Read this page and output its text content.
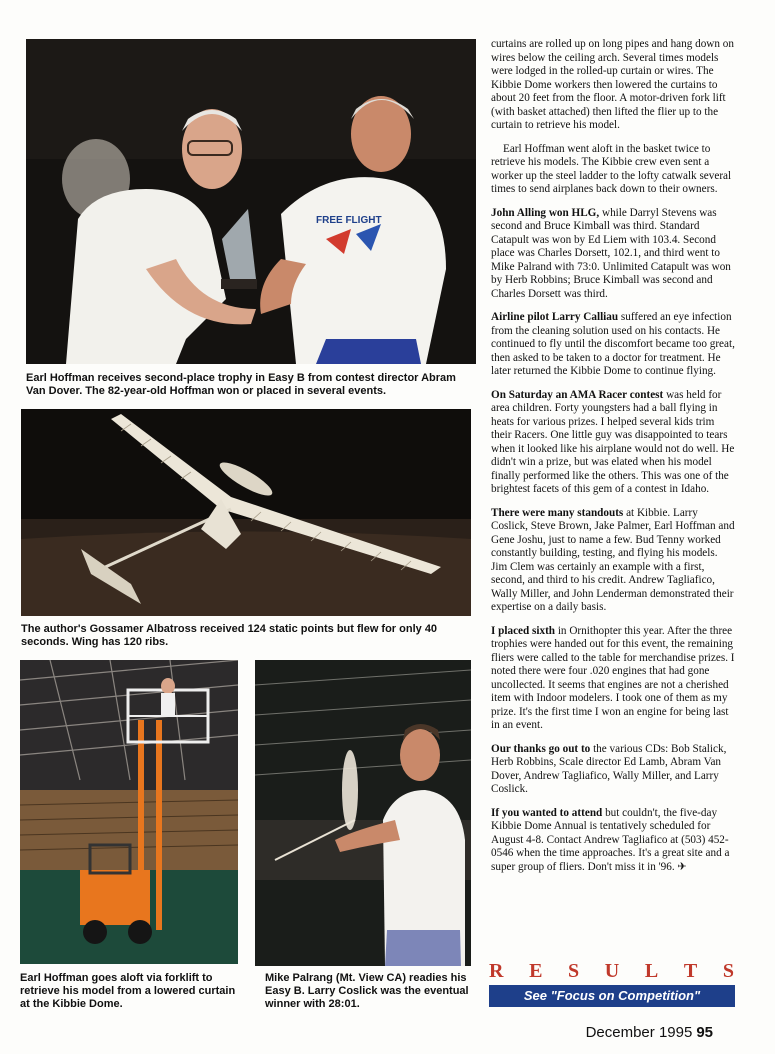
FREE FLIGHT
Earl Hoffman receives second-place trophy in Easy B from contest director Abram Van Dover. The 82-year-old Hoffman won or placed in several events.
The author's Gossamer Albatross received 124 static points but flew for only 40 seconds. Wing has 120 ribs.
Earl Hoffman goes aloft via forklift to retrieve his model from a lowered curtain at the Kibbie Dome.
Mike Palrang (Mt. View CA) readies his Easy B. Larry Coslick was the eventual winner with 28:01.

curtains are rolled up on long pipes and hang down on wires below the ceiling arch. Several times models were lodged in the rolled-up curtain or wires. The Kibbie Dome workers then lowered the curtains to about 20 feet from the floor. A motor-driven fork lift (with basket attached) then lifted the flier up to the curtain to retrieve his model.

Earl Hoffman went aloft in the basket twice to retrieve his models. The Kibbie crew even sent a worker up the steel ladder to the lofty catwalk several times to send airplanes back down to their owners.

John Alling won HLG, while Darryl Stevens was second and Bruce Kimball was third. Standard Catapult was won by Ed Liem with 103.4. Second place was Charles Dorsett, 102.1, and third went to Mike Palrand with 73:0. Unlimited Catapult was won by Herb Robbins; Bruce Kimball was second and Charles Dorsett was third.

Airline pilot Larry Calliau suffered an eye infection from the cleaning solution used on his contacts. He continued to fly until the discomfort became too great, then asked to be taken to a doctor for treatment. He later returned the Kibbie Dome to continue flying.

On Saturday an AMA Racer contest was held for area children. Forty youngsters had a ball flying in heats for various prizes. I helped several kids trim their Racers. One little guy was disappointed to tears when it looked like his airplane would not do well. He didn't win a prize, but was elated when his model finally performed like the others. This was one of the brightest facets of this gem of a contest in Idaho.

There were many standouts at Kibbie. Larry Coslick, Steve Brown, Jake Palmer, Earl Hoffman and Gene Joshu, just to name a few. Bud Tenny worked constantly building, testing, and flying his models. Jim Clem was certainly an example with a first, second, and third to his credit. Andrew Tagliafico, Wally Miller, and John Lenderman demonstrated their expertise on a daily basis.

I placed sixth in Ornithopter this year. After the three trophies were handed out for this event, the remaining fliers were called to the table for merchandise prizes. I noted there were four .020 engines that had gone uncollected. It seems that engines are not a cherished item with Indoor modelers. I took one of them as my prize. It's the first time I won an engine for being last in an event.

Our thanks go out to the various CDs: Bob Stalick, Herb Robbins, Scale director Ed Lamb, Abram Van Dover, Andrew Tagliafico, Wally Miller, and Larry Coslick.

If you wanted to attend but couldn't, the five-day Kibbie Dome Annual is tentatively scheduled for August 4-8. Contact Andrew Tagliafico at (503) 452-0546 when the time approaches. It's a great site and a super group of fliers. Don't miss it in '96. ✈

R E S U L T S
See "Focus on Competition"
December 1995 95
